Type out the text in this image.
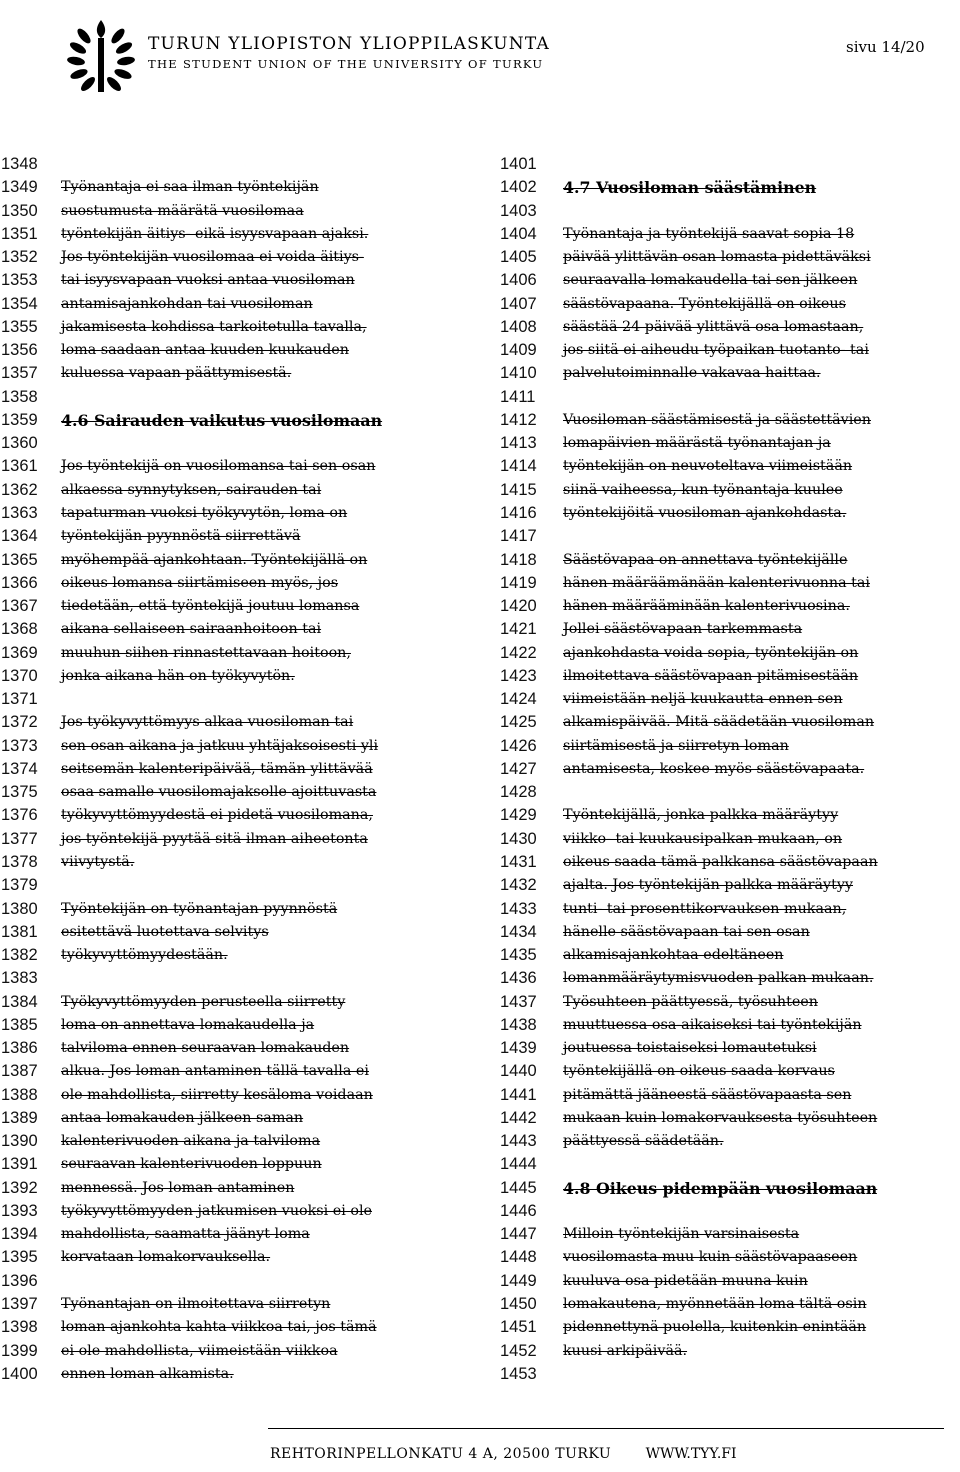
TURUN YLIOPISTON YLIOPPILASKUNTA
THE STUDENT UNION OF THE UNIVERSITY OF TURKU
sivu 14/20
1348
1349
1350
1351
1352
1353
1354
1355
1356
1357
1358
1359
1360
1361
1362
1363
1364
1365
1366
1367
1368
1369
1370
1371
1372
1373
1374
1375
1376
1377
1378
1379
1380
1381
1382
1383
1384
1385
1386
1387
1388
1389
1390
1391
1392
1393
1394
1395
1396
1397
1398
1399
1400
Työnantaja ei saa ilman työntekijän
suostumusta määrätä vuosilomaa
työntekijän äitiys- eikä isyysvapaan ajaksi.
Jos työntekijän vuosilomaa ei voida äitiys-
tai isyysvapaan vuoksi antaa vuosiloman
antamisajankohdan tai vuosiloman
jakamisesta kohdissa tarkoitetulla tavalla,
loma saadaan antaa kuuden kuukauden
kuluessa vapaan päättymisestä.
4.6 Sairauden vaikutus vuosilomaan
Jos työntekijä on vuosilomansa tai sen osan
alkaessa synnytyksen, sairauden tai
tapaturman vuoksi työkyvytön, loma on
työntekijän pyynnöstä siirrettävä
myöhempää ajankohtaan. Työntekijällä on
oikeus lomansa siirtämiseen myös, jos
tiedetään, että työntekijä joutuu lomansa
aikana sellaiseen sairaanhoitoon tai
muuhun siihen rinnastettavaan hoitoon,
jonka aikana hän on työkyvytön.
Jos työkyvyttömyys alkaa vuosiloman tai
sen osan aikana ja jatkuu yhtäjaksoisesti yli
seitsemän kalenteripäivää, tämän ylittävää
osaa samalle vuosilomajaksolle ajoittuvasta
työkyvyttömyydestä ei pidetä vuosilomana,
jos työntekijä pyytää sitä ilman aiheetonta
viivytystä.
Työntekijän on työnantajan pyynnöstä
esitettävä luotettava selvitys
työkyvyttömyydestään.
Työkyvyttömyyden perusteella siirretty
loma on annettava lomakaudella ja
talviloma ennen seuraavan lomakauden
alkua. Jos loman antaminen tällä tavalla ei
ole mahdollista, siirretty kesäloma voidaan
antaa lomakauden jälkeen saman
kalenterivuoden aikana ja talviloma
seuraavan kalenterivuoden loppuun
mennessä. Jos loman antaminen
työkyvyttömyyden jatkumisen vuoksi ei ole
mahdollista, saamatta jäänyt loma
korvataan lomakorvauksella.
Työnantajan on ilmoitettava siirretyn
loman ajankohta kahta viikkoa tai, jos tämä
ei ole mahdollista, viimeistään viikkoa
ennen loman alkamista.
1401
1402
1403
1404
1405
1406
1407
1408
1409
1410
1411
1412
1413
1414
1415
1416
1417
1418
1419
1420
1421
1422
1423
1424
1425
1426
1427
1428
1429
1430
1431
1432
1433
1434
1435
1436
1437
1438
1439
1440
1441
1442
1443
1444
1445
1446
1447
1448
1449
1450
1451
1452
1453
4.7 Vuosiloman säästäminen
Työnantaja ja työntekijä saavat sopia 18
päivää ylittävän osan lomasta pidettäväksi
seuraavalla lomakaudella tai sen jälkeen
säästövapaana. Työntekijällä on oikeus
säästää 24 päivää ylittävä osa lomastaan,
jos siitä ei aiheudu työpaikan tuotanto- tai
palvelutoiminnalle vakavaa haittaa.
Vuosiloman säästämisestä ja säästettävien
lomapäivien määrästä työnantajan ja
työntekijän on neuvoteltava viimeistään
siinä vaiheessa, kun työnantaja kuulee
työntekijöitä vuosiloman ajankohdasta.
Säästövapaa on annettava työntekijälle
hänen määräämänään kalenterivuonna tai
hänen määrääminään kalenterivuosina.
Jollei säästövapaan tarkemmasta
ajankohdasta voida sopia, työntekijän on
ilmoitettava säästövapaan pitämisestään
viimeistään neljä kuukautta ennen sen
alkamispäivää. Mitä säädetään vuosiloman
siirtämisestä ja siirretyn loman
antamisesta, koskee myös säästövapaata.
Työntekijällä, jonka palkka määräytyy
viikko- tai kuukausipalkan mukaan, on
oikeus saada tämä palkkansa säästövapaan
ajalta. Jos työntekijän palkka määräytyy
tunti- tai prosenttikorvauksen mukaan,
hänelle säästövapaan tai sen osan
alkamisajankohtaa edeltäneen
lomanmääräytymisvuoden palkan mukaan.
Työsuhteen päättyessä, työsuhteen
muuttuessa osa-aikaiseksi tai työntekijän
joutuessa toistaiseksi lomautetuksi
työntekijällä on oikeus saada korvaus
pitämättä jääneestä säästövapaasta sen
mukaan kuin lomakorvauksesta työsuhteen
päättyessä säädetään.
4.8 Oikeus pidempään vuosilomaan
Milloin työntekijän varsinaisesta
vuosilomasta muu kuin säästövapaaseen
kuuluva osa pidetään muuna kuin
lomakautena, myönnetään loma tältä osin
pidennettynä puolella, kuitenkin enintään
kuusi arkipäivää.
REHTORINPELLONKATU 4 A, 20500 TURKU WWW.TYY.FI
